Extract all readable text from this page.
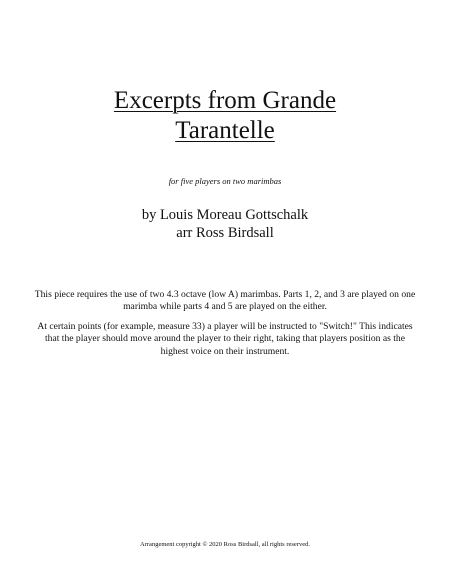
Excerpts from Grande
Tarantelle
for five players on two marimbas
by Louis Moreau Gottschalk
arr Ross Birdsall
This piece requires the use of two 4.3 octave (low A) marimbas. Parts 1, 2, and 3 are played on one marimba while parts 4 and 5 are played on the either.
At certain points (for example, measure 33) a player will be instructed to "Switch!" This indicates that the player should move around the player to their right, taking that players position as the highest voice on their instrument.
Arrangement copyright © 2020 Ross Birdsall, all rights reserved.
